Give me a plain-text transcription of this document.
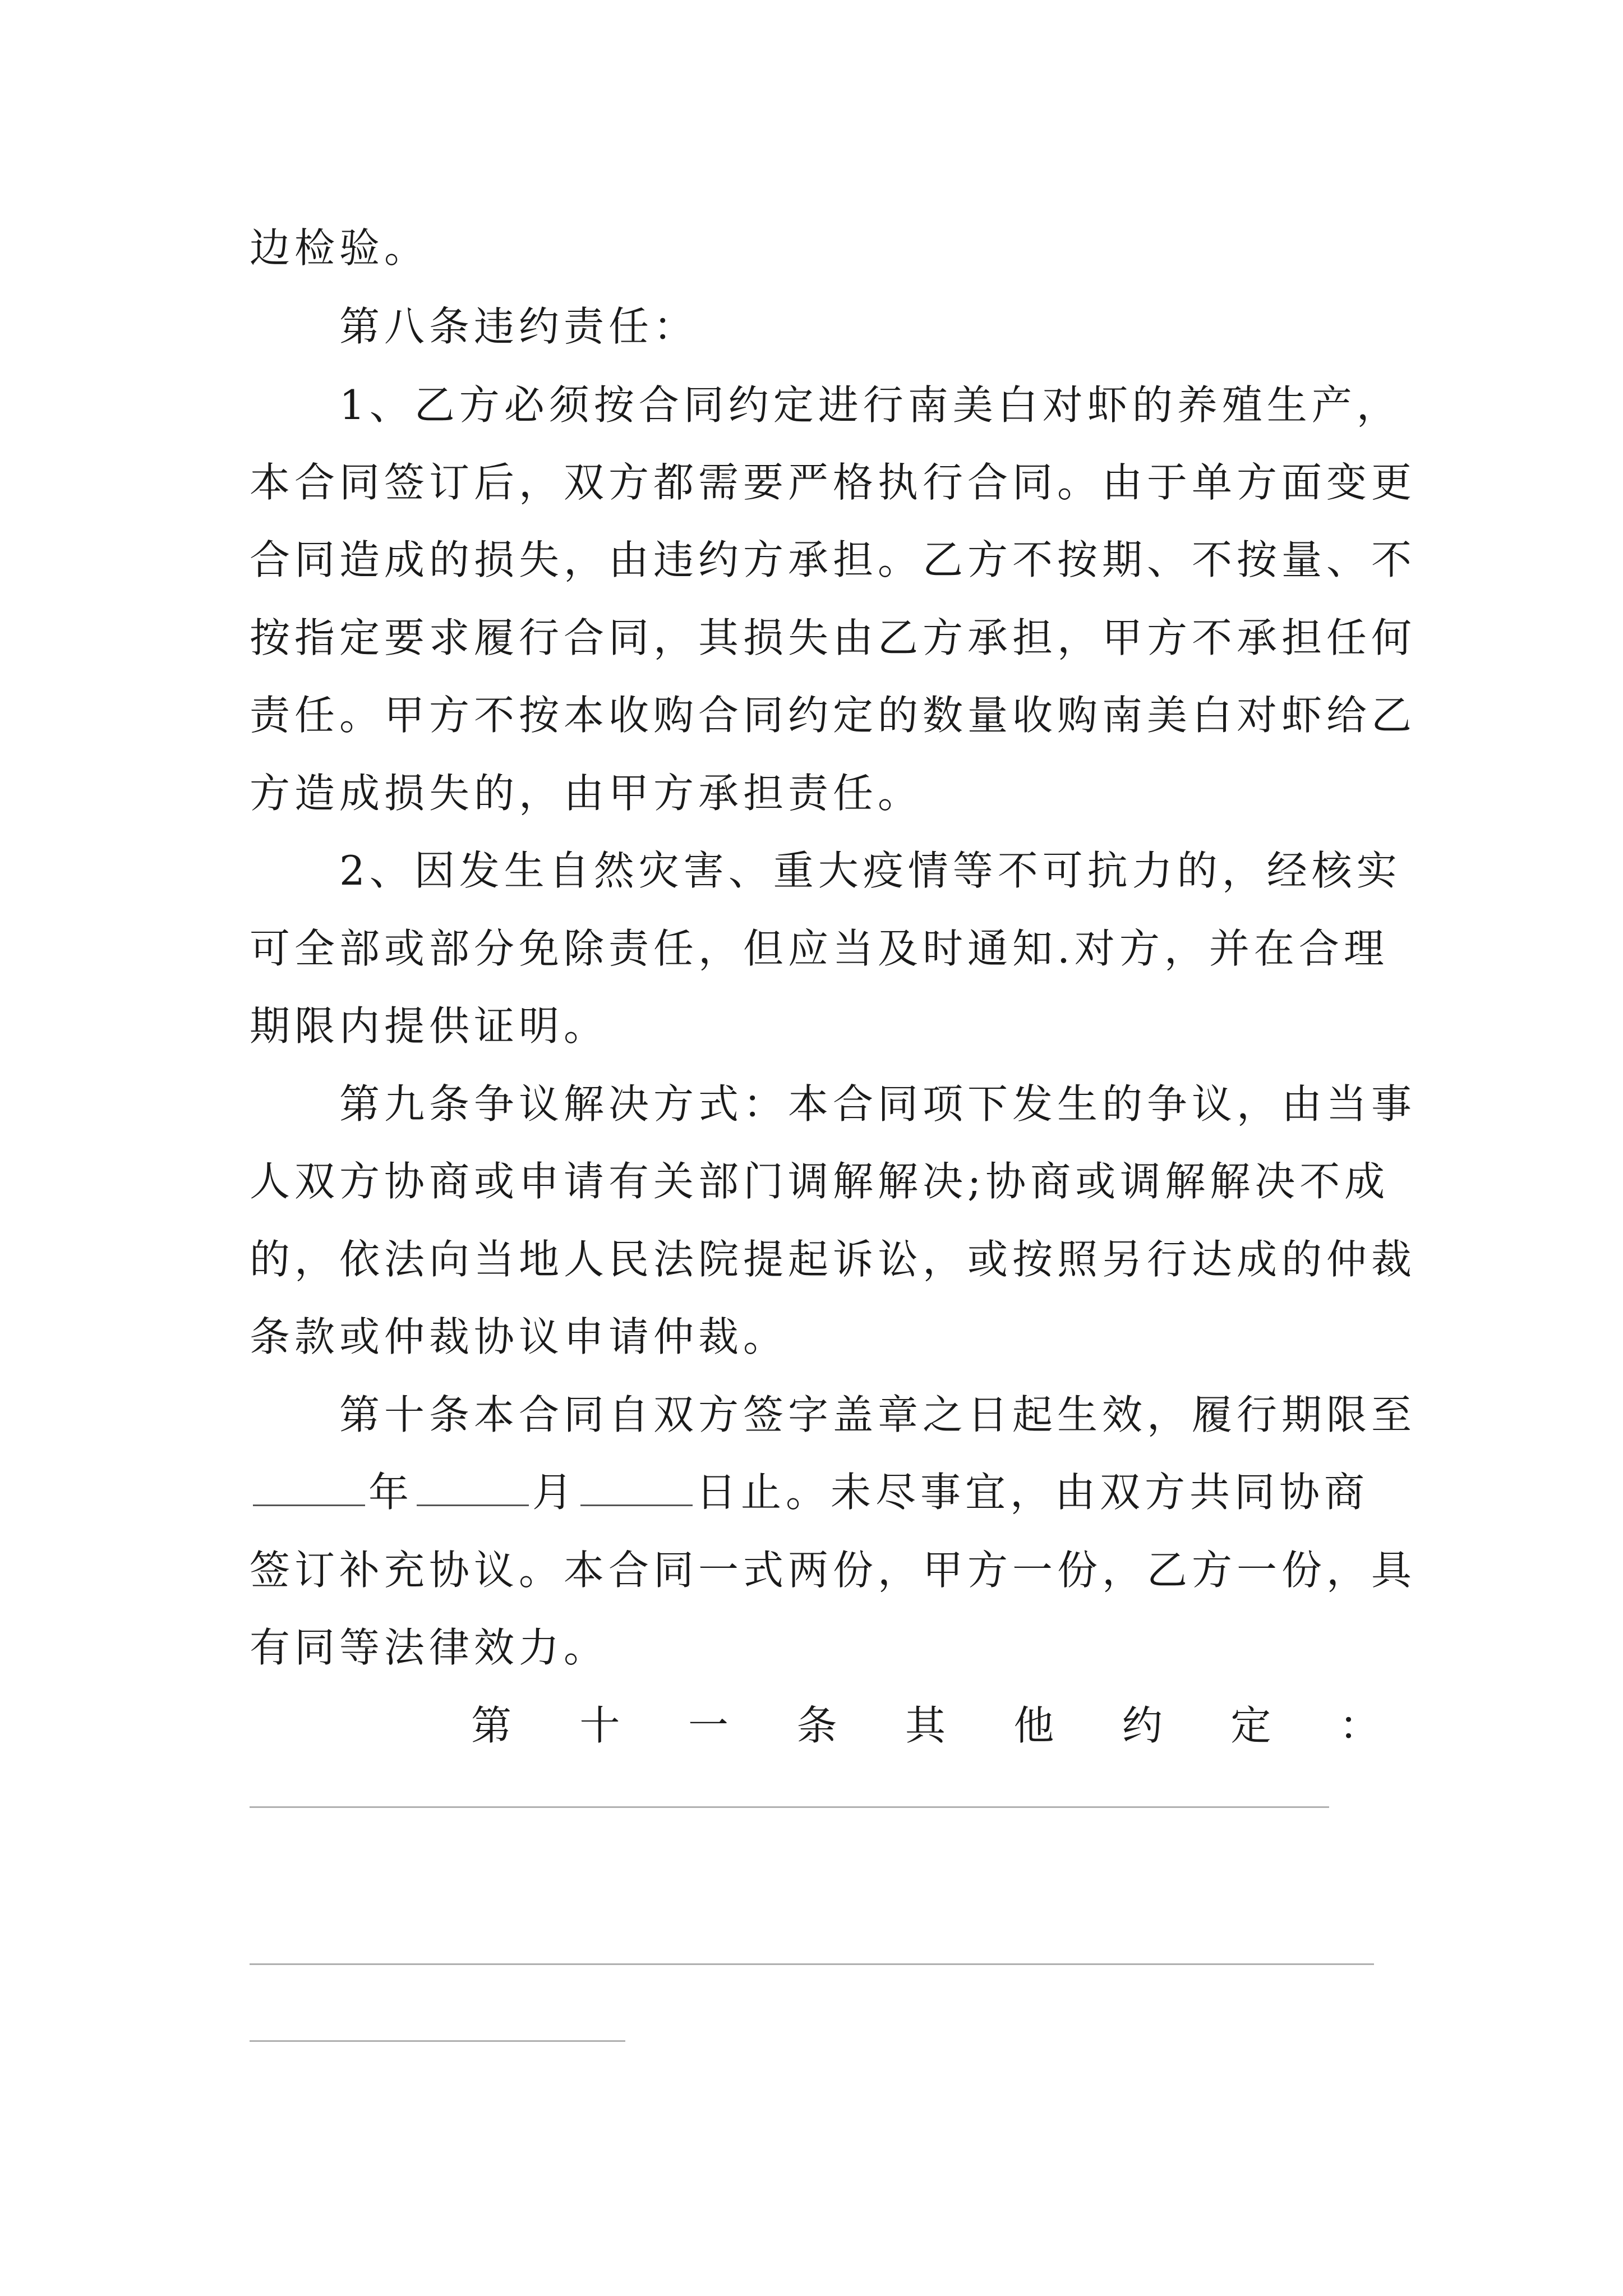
边检验。
第八条违约责任：
1、乙方必须按合同约定进行南美白对虾的养殖生产，
本合同签订后，双方都需要严格执行合同。由于单方面变更
合同造成的损失，由违约方承担。乙方不按期、不按量、不
按指定要求履行合同，其损失由乙方承担，甲方不承担任何
责任。甲方不按本收购合同约定的数量收购南美白对虾给乙
方造成损失的，由甲方承担责任。
2、因发生自然灾害、重大疫情等不可抗力的，经核实
可全部或部分免除责任，但应当及时通知.对方，并在合理
期限内提供证明。
第九条争议解决方式：本合同项下发生的争议，由当事
人双方协商或申请有关部门调解解决;协商或调解解决不成
的，依法向当地人民法院提起诉讼，或按照另行达成的仲裁
条款或仲裁协议申请仲裁。
第十条本合同自双方签字盖章之日起生效，履行期限至
年	月	日止。未尽事宜，由双方共同协商
签订补充协议。本合同一式两份，甲方一份，乙方一份，具
有同等法律效力。
第 十 一 条 其 他 约 定 ：
